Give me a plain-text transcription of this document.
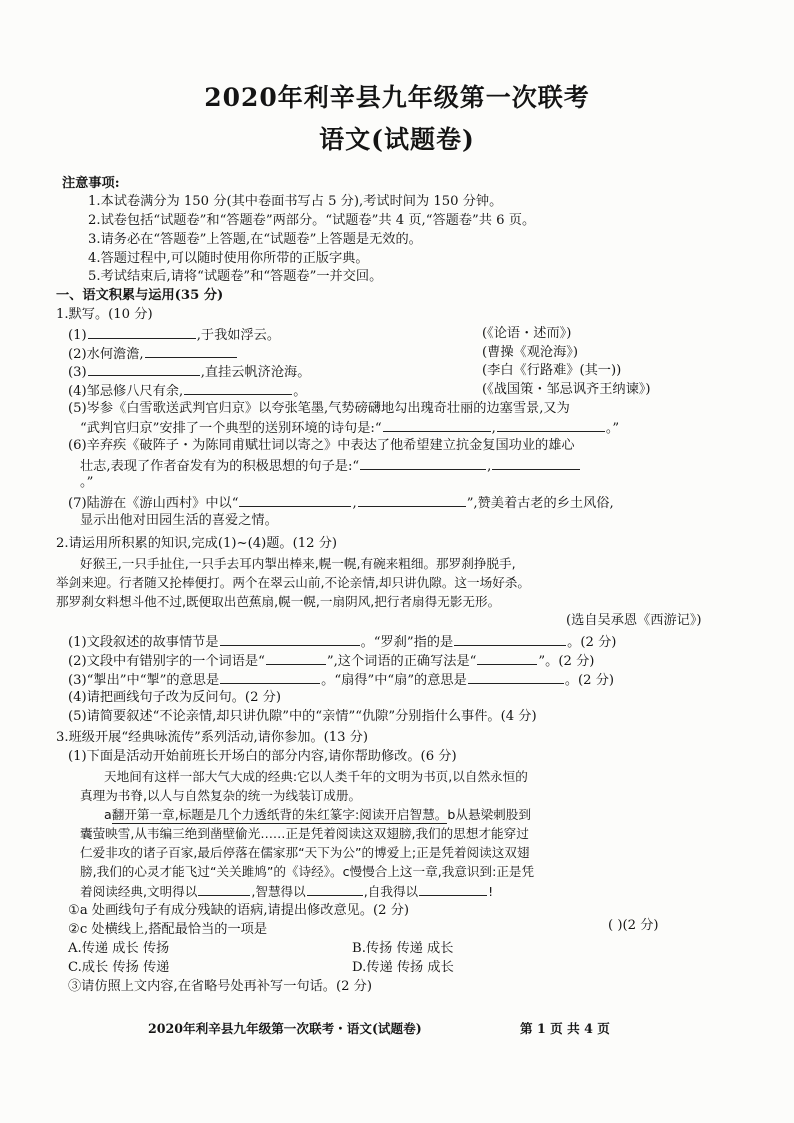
2020年利辛县九年级第一次联考
语文(试题卷)
注意事项:
1.本试卷满分为 150 分(其中卷面书写占 5 分),考试时间为 150 分钟。
2.试卷包括“试题卷”和“答题卷”两部分。“试题卷”共 4 页,“答题卷”共 6 页。
3.请务必在“答题卷”上答题,在“试题卷”上答题是无效的。
4.答题过程中,可以随时使用你所带的正版字典。
5.考试结束后,请将“试题卷”和“答题卷”一并交回。
一、语文积累与运用(35 分)
1.默写。(10 分)
(1)	,于我如浮云。	(《论语・述而》)
(2)水何澹澹,	(曹操《观沧海》)
(3)	,直挂云帆济沧海。	(李白《行路难》(其一))
(4)邹忌修八尺有余,	。	(《战国策・邹忌讽齐王纳谏》)
(5)岑参《白雪歌送武判官归京》以夸张笔墨,气势磅礴地勾出瑰奇壮丽的边塞雪景,又为
“武判官归京”安排了一个典型的送别环境的诗句是:“	,	。”
(6)辛弃疾《破阵子・为陈同甫赋壮词以寄之》中表达了他希望建立抗金复国功业的雄心
壮志,表现了作者奋发有为的积极思想的句子是:“	,
。”
(7)陆游在《游山西村》中以“	,	”,赞美着古老的乡土风俗,
显示出他对田园生活的喜爱之情。
2.请运用所积累的知识,完成(1)~(4)题。(12 分)
好猴王,一只手扯住,一只手去耳内掣出棒来,幌一幌,有碗来粗细。那罗刹挣脱手,
举剑来迎。行者随又抡棒便打。两个在翠云山前,不论亲情,却只讲仇隙。这一场好杀。
那罗刹女料想斗他不过,既便取出芭蕉扇,幌一幌,一扇阴风,把行者扇得无影无形。
(选自吴承恩《西游记》)
(1)文段叙述的故事情节是	。“罗刹”指的是	。(2 分)
(2)文段中有错别字的一个词语是“	”,这个词语的正确写法是“	”。(2 分)
(3)“掣出”中“掣”的意思是	。“扇得”中“扇”的意思是	。(2 分)
(4)请把画线句子改为反问句。(2 分)
(5)请简要叙述“不论亲情,却只讲仇隙”中的“亲情”“仇隙”分别指什么事件。(4 分)
3.班级开展“经典咏流传”系列活动,请你参加。(13 分)
(1)下面是活动开始前班长开场白的部分内容,请你帮助修改。(6 分)
天地间有这样一部大气大成的经典:它以人类千年的文明为书页,以自然永恒的
真理为书脊,以人与自然复杂的统一为线装订成册。
a翻开第一章,标题是几个力透纸背的朱红篆字:阅读开启智慧。b从悬梁刺股到
囊萤映雪,从韦编三绝到凿壁偷光……正是凭着阅读这双翅膀,我们的思想才能穿过
仁爱非攻的诸子百家,最后停落在儒家那“天下为公”的博爱上;正是凭着阅读这双翅
膀,我们的心灵才能飞过“关关雎鸠”的《诗经》。c慢慢合上这一章,我意识到:正是凭
着阅读经典,文明得以	,智慧得以	,自我得以	!
①a 处画线句子有成分残缺的语病,请提出修改意见。(2 分)
②c 处横线上,搭配最恰当的一项是	( )(2 分)
A.传递 成长 传扬	B.传扬 传递 成长
C.成长 传扬 传递	D.传递 传扬 成长
③请仿照上文内容,在省略号处再补写一句话。(2 分)
2020年利辛县九年级第一次联考・语文(试题卷)	第 1 页 共 4 页
